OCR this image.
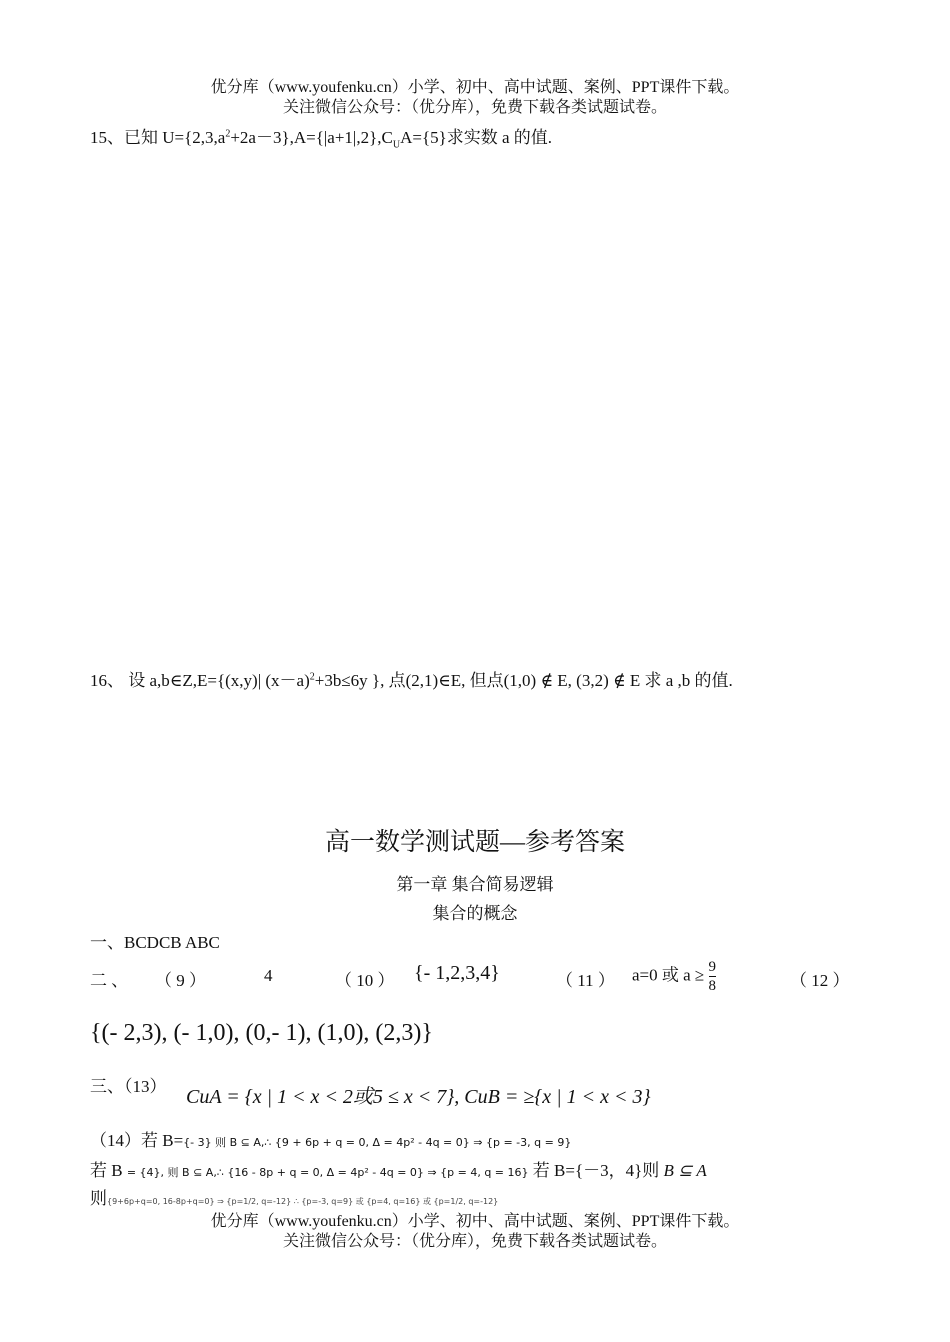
优分库（www.youfenku.cn）小学、初中、高中试题、案例、PPT课件下载。
关注微信公众号：（优分库），免费下载各类试题试卷。
15、已知 $U=\{2,3,a^2+2a-3\},A=\{|a+1|,2\},C_UA=\{5\}$求实数 a 的值.
16、 设 a,b∈Z,E={(x,y)| $(x-a)^2+3b\le 6y$ }, 点(2,1)∈E, 但点(1,0) ∉ E, (3,2) ∉ E 求 a ,b 的值.
高一数学测试题—参考答案
第一章 集合简易逻辑
集合的概念
一、BCDCB ABC
二 、 （ 9 ）	4	（ 10 ） {- 1,2,3,4}	（ 11 ） a=0 或 $a \ge \frac{9}{8}$	（ 12 ）
{(- 2,3), (- 1,0), (0,- 1), (1,0), (2,3)}
三、（13） CuA = {x | 1 < x < 2或5 ≤ x < 7}, CuB = ≥{x | 1 < x < 3}
（14）若 B={- 3} 则 B ⊆ A,∴ {9 + 6p + q = 0, Δ = 4p² - 4q = 0} ⇒ {p = -3, q = 9}
若 B = {4}, 则 B ⊆ A,∴ {16 - 8p + q = 0, Δ = 4p² - 4q = 0} ⇒ {p = 4, q = 16} 若 B={－3，4}则 B ⊆ A
则{9+6p+q=0, 16-8p+q=0} ⇒ {p=1/2, q=-12} ∴ {p=-3, q=9} 或 {p=4, q=16} 或 {p=1/2, q=-12}
优分库（www.youfenku.cn）小学、初中、高中试题、案例、PPT课件下载。
关注微信公众号：（优分库），免费下载各类试题试卷。
